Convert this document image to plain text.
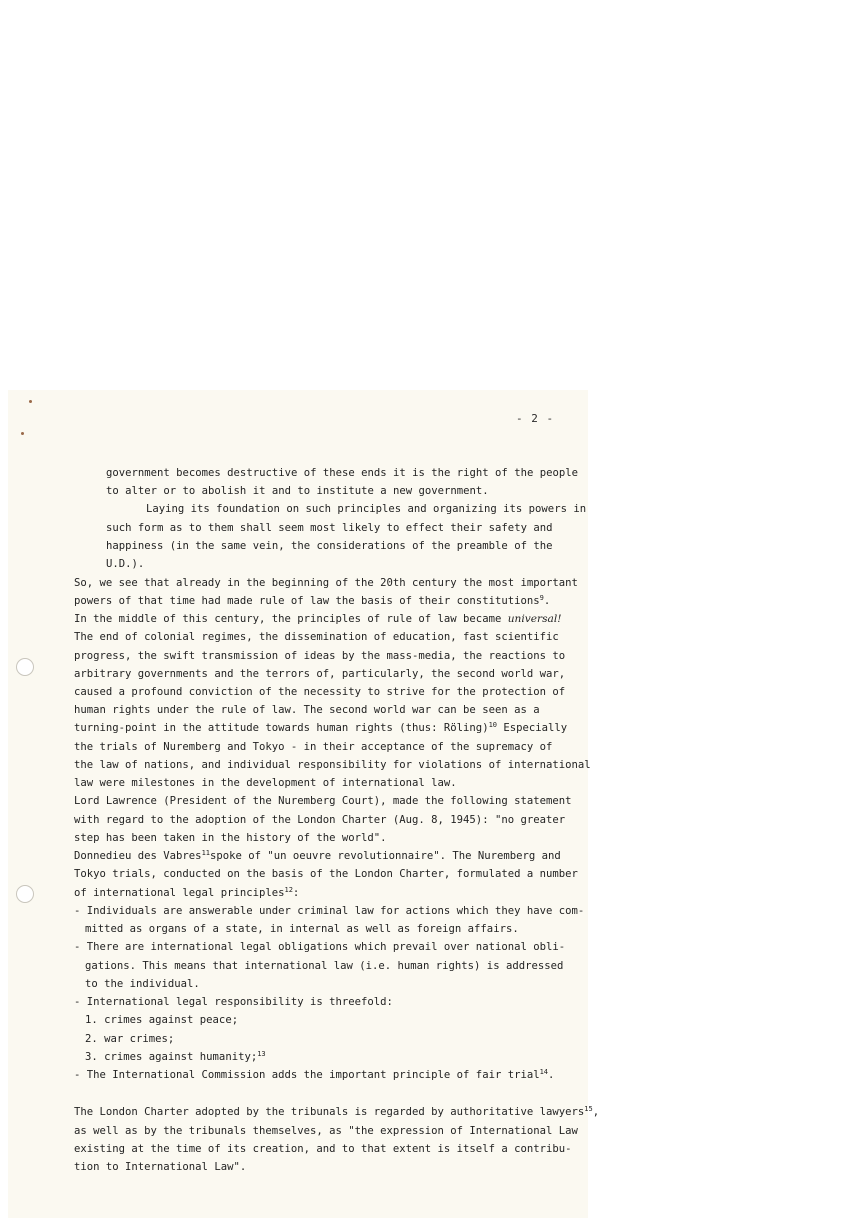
- 2 -
government becomes destructive of these ends it is the right of the people
to alter or to abolish it and to institute a new government.
Laying its foundation on such principles and organizing its powers in
such form as to them shall seem most likely to effect their safety and
happiness (in the same vein, the considerations of the preamble of the
U.D.).
So, we see that already in the beginning of the 20th century the most important
powers of that time had made rule of law the basis of their constitutions$^9$.
In the middle of this century, the principles of rule of law became universal!
The end of colonial regimes, the dissemination of education, fast scientific
progress, the swift transmission of ideas by the mass-media, the reactions to
arbitrary governments and the terrors of, particularly, the second world war,
caused a profound conviction of the necessity to strive for the protection of
human rights under the rule of law. The second world war can be seen as a
turning-point in the attitude towards human rights (thus: Röling)$^{10}$ Especially
the trials of Nuremberg and Tokyo - in their acceptance of the supremacy of
the law of nations, and individual responsibility for violations of international
law were milestones in the development of international law.
Lord Lawrence (President of the Nuremberg Court), made the following statement
with regard to the adoption of the London Charter (Aug. 8, 1945): "no greater
step has been taken in the history of the world".
Donnedieu des Vabres$^{11}$spoke of "un oeuvre revolutionnaire". The Nuremberg and
Tokyo trials, conducted on the basis of the London Charter, formulated a number
of international legal principles$^{12}$:
- Individuals are answerable under criminal law for actions which they have com-
mitted as organs of a state, in internal as well as foreign affairs.
- There are international legal obligations which prevail over national obli-
gations. This means that international law (i.e. human rights) is addressed
to the individual.
- International legal responsibility is threefold:
1. crimes against peace;
2. war crimes;
3. crimes against humanity;$^{13}$
- The International Commission adds the important principle of fair trial$^{14}$.
The London Charter adopted by the tribunals is regarded by authoritative lawyers$^{15}$,
as well as by the tribunals themselves, as "the expression of International Law
existing at the time of its creation, and to that extent is itself a contribu-
tion to International Law".
